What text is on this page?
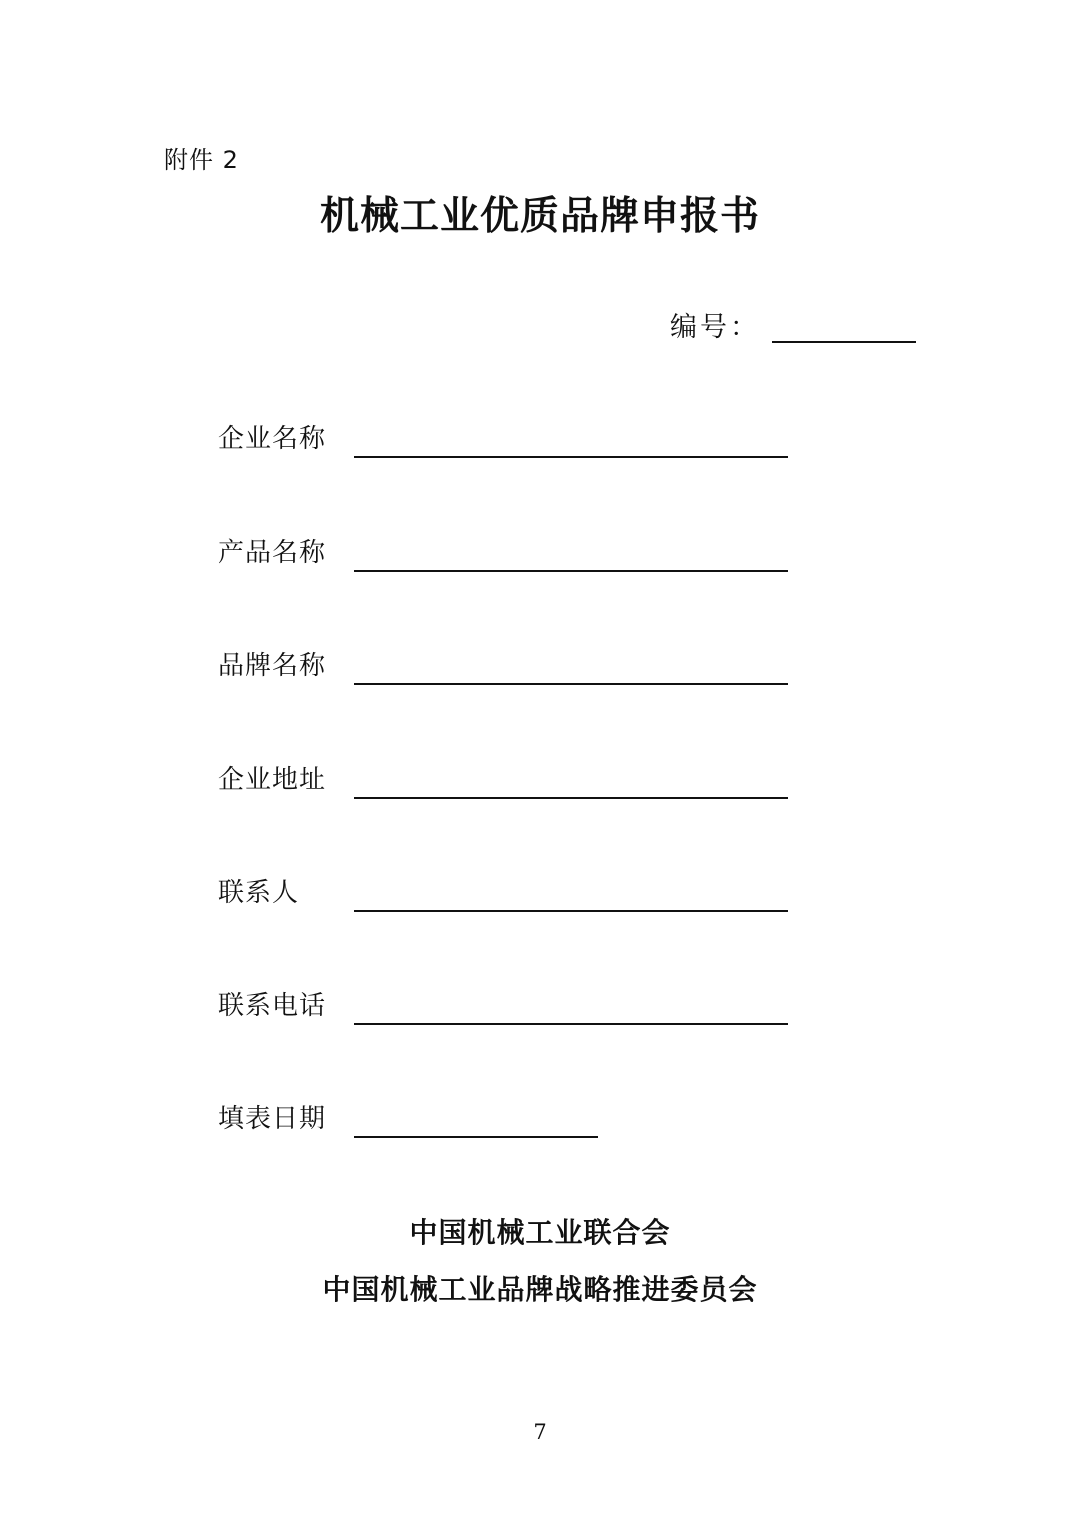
附件 2
机械工业优质品牌申报书
编号：
企业名称
产品名称
品牌名称
企业地址
联系人
联系电话
填表日期
中国机械工业联合会
中国机械工业品牌战略推进委员会
7
